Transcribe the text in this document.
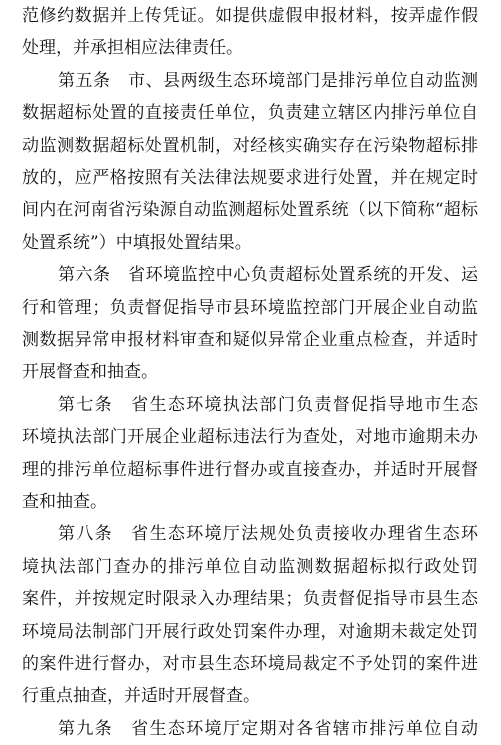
范修约数据并上传凭证。如提供虚假申报材料，按弄虚作假
处理，并承担相应法律责任。
第五条　市、县两级生态环境部门是排污单位自动监测
数据超标处置的直接责任单位，负责建立辖区内排污单位自
动监测数据超标处置机制，对经核实确实存在污染物超标排
放的，应严格按照有关法律法规要求进行处置，并在规定时
间内在河南省污染源自动监测超标处置系统（以下简称“超标
处置系统”）中填报处置结果。
第六条　省环境监控中心负责超标处置系统的开发、运
行和管理；负责督促指导市县环境监控部门开展企业自动监
测数据异常申报材料审查和疑似异常企业重点检查，并适时
开展督查和抽查。
第七条　省生态环境执法部门负责督促指导地市生态
环境执法部门开展企业超标违法行为查处，对地市逾期未办
理的排污单位超标事件进行督办或直接查办，并适时开展督
查和抽查。
第八条　省生态环境厅法规处负责接收办理省生态环
境执法部门查办的排污单位自动监测数据超标拟行政处罚
案件，并按规定时限录入办理结果；负责督促指导市县生态
环境局法制部门开展行政处罚案件办理，对逾期未裁定处罚
的案件进行督办，对市县生态环境局裁定不予处罚的案件进
行重点抽查，并适时开展督查。
第九条　省生态环境厅定期对各省辖市排污单位自动
